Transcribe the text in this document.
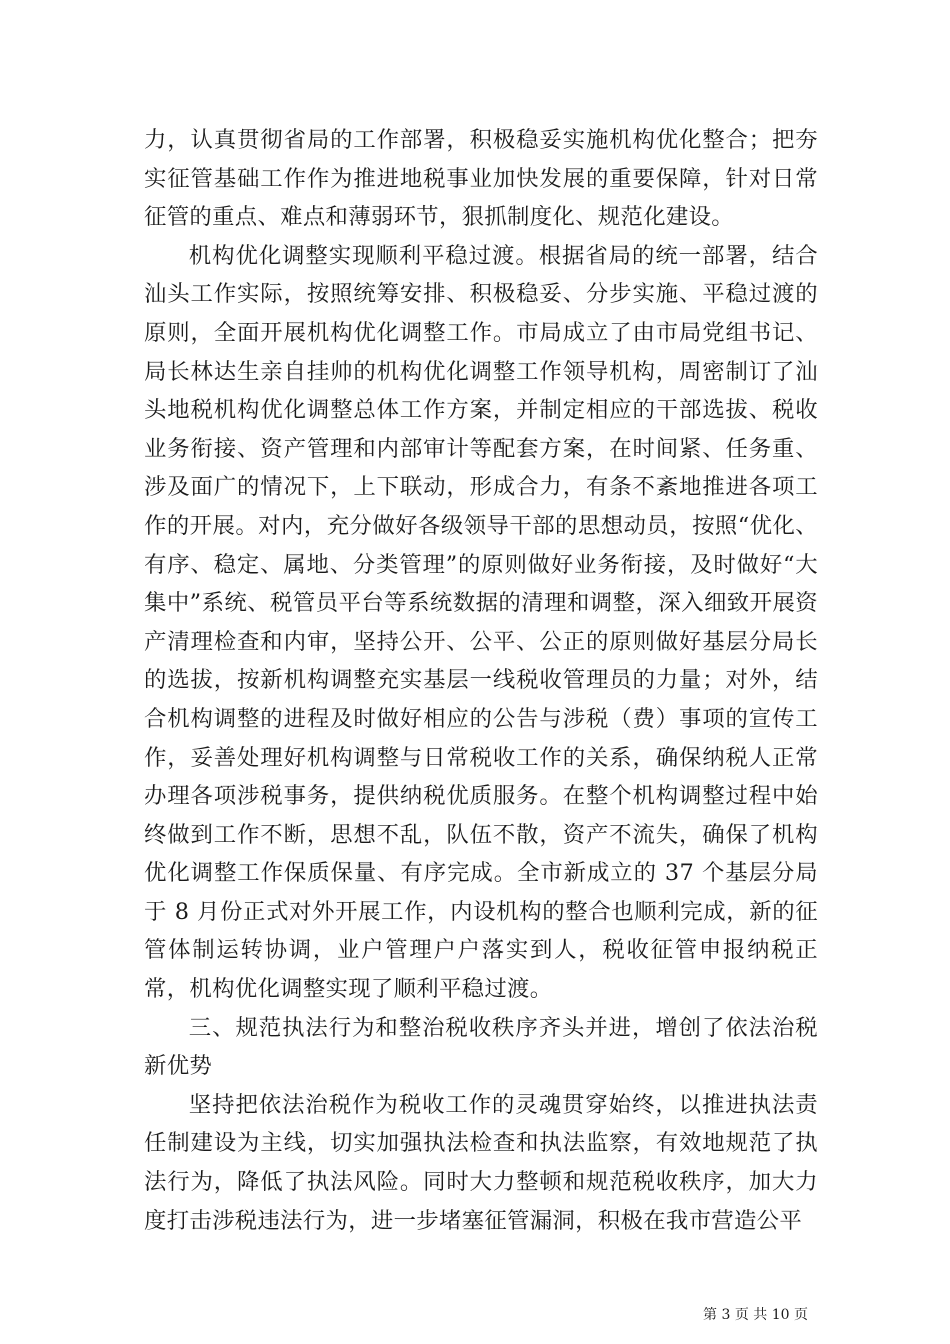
力，认真贯彻省局的工作部署，积极稳妥实施机构优化整合；把夯实征管基础工作作为推进地税事业加快发展的重要保障，针对日常征管的重点、难点和薄弱环节，狠抓制度化、规范化建设。

机构优化调整实现顺利平稳过渡。根据省局的统一部署，结合汕头工作实际，按照统筹安排、积极稳妥、分步实施、平稳过渡的原则，全面开展机构优化调整工作。市局成立了由市局党组书记、局长林达生亲自挂帅的机构优化调整工作领导机构，周密制订了汕头地税机构优化调整总体工作方案，并制定相应的干部选拔、税收业务衔接、资产管理和内部审计等配套方案，在时间紧、任务重、涉及面广的情况下，上下联动，形成合力，有条不紊地推进各项工作的开展。对内，充分做好各级领导干部的思想动员，按照“优化、有序、稳定、属地、分类管理”的原则做好业务衔接，及时做好“大集中”系统、税管员平台等系统数据的清理和调整，深入细致开展资产清理检查和内审，坚持公开、公平、公正的原则做好基层分局长的选拔，按新机构调整充实基层一线税收管理员的力量；对外，结合机构调整的进程及时做好相应的公告与涉税（费）事项的宣传工作，妥善处理好机构调整与日常税收工作的关系，确保纳税人正常办理各项涉税事务，提供纳税优质服务。在整个机构调整过程中始终做到工作不断，思想不乱，队伍不散，资产不流失，确保了机构优化调整工作保质保量、有序完成。全市新成立的 37 个基层分局于 8 月份正式对外开展工作，内设机构的整合也顺利完成，新的征管体制运转协调，业户管理户户落实到人，税收征管申报纳税正常，机构优化调整实现了顺利平稳过渡。

三、规范执法行为和整治税收秩序齐头并进，增创了依法治税新优势

坚持把依法治税作为税收工作的灵魂贯穿始终，以推进执法责任制建设为主线，切实加强执法检查和执法监察，有效地规范了执法行为，降低了执法风险。同时大力整顿和规范税收秩序，加大力度打击涉税违法行为，进一步堵塞征管漏洞，积极在我市营造公平

第 3 页 共 10 页
